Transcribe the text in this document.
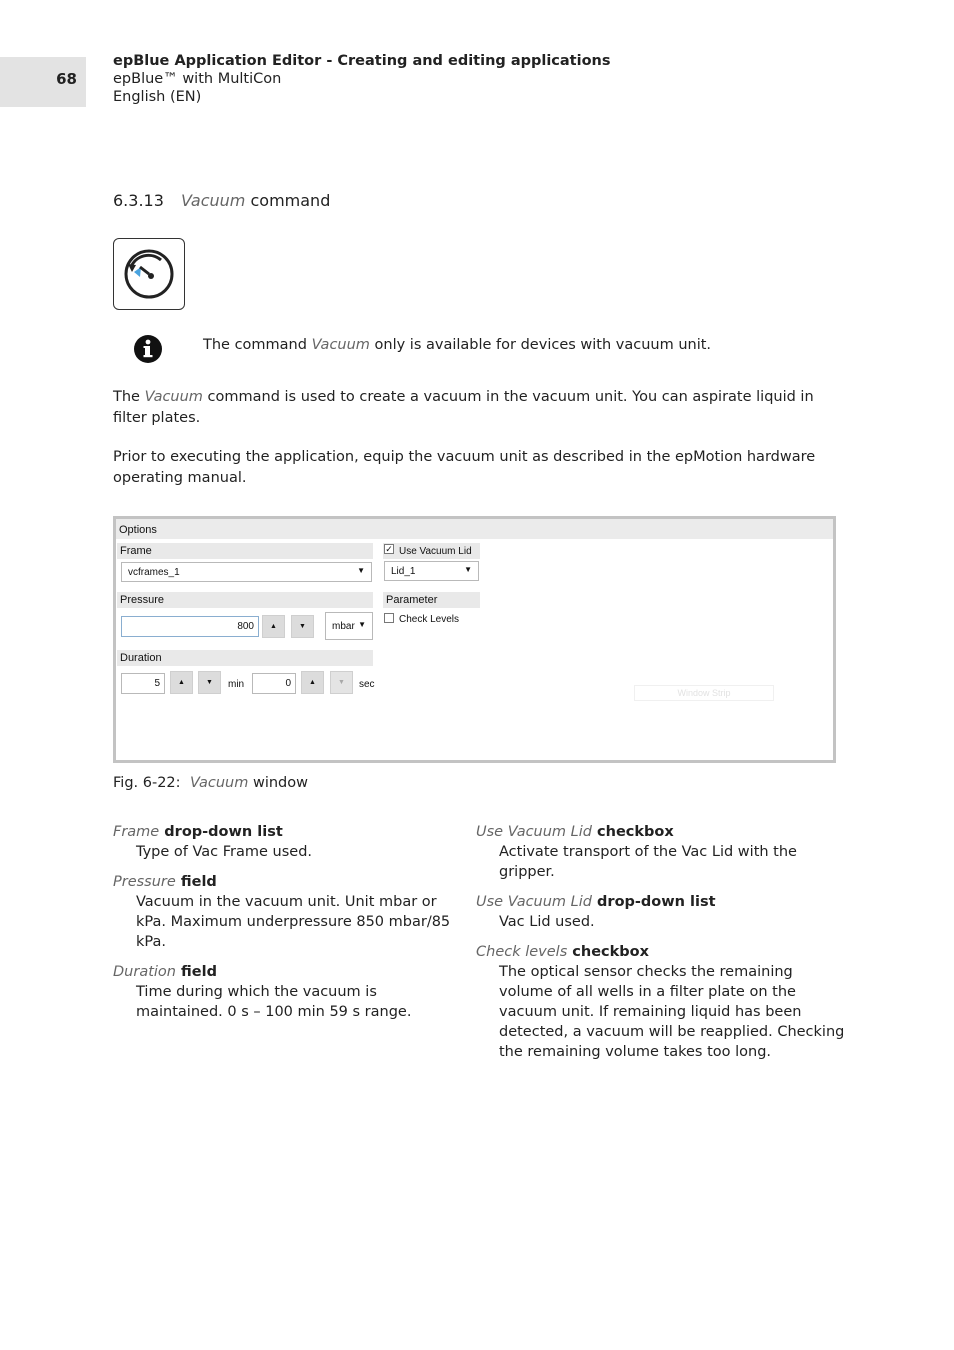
68
epBlue Application Editor - Creating and editing applications
epBlue™ with MultiCon
English (EN)
6.3.13 Vacuum command
The command Vacuum only is available for devices with vacuum unit.

The Vacuum command is used to create a vacuum in the vacuum unit. You can aspirate liquid in filter plates.

Prior to executing the application, equip the vacuum unit as described in the epMotion hardware operating manual.

Options
Frame
vcframes_1	▼
Pressure
800	▲	▼	mbar ▼
Duration
5	▲	▼	min	0	▲	▼	sec
✓ Use Vacuum Lid
Lid_1	▼
Parameter
Check Levels
Window Strip
Fig. 6-22: Vacuum window
Frame drop-down list
Type of Vac Frame used.
Pressure field
Vacuum in the vacuum unit. Unit mbar or kPa. Maximum underpressure 850 mbar/85 kPa.
Duration field
Time during which the vacuum is maintained. 0 s – 100 min 59 s range.
Use Vacuum Lid checkbox
Activate transport of the Vac Lid with the gripper.
Use Vacuum Lid drop-down list
Vac Lid used.
Check levels checkbox
The optical sensor checks the remaining volume of all wells in a filter plate on the vacuum unit. If remaining liquid has been detected, a vacuum will be reapplied. Checking the remaining volume takes too long.
